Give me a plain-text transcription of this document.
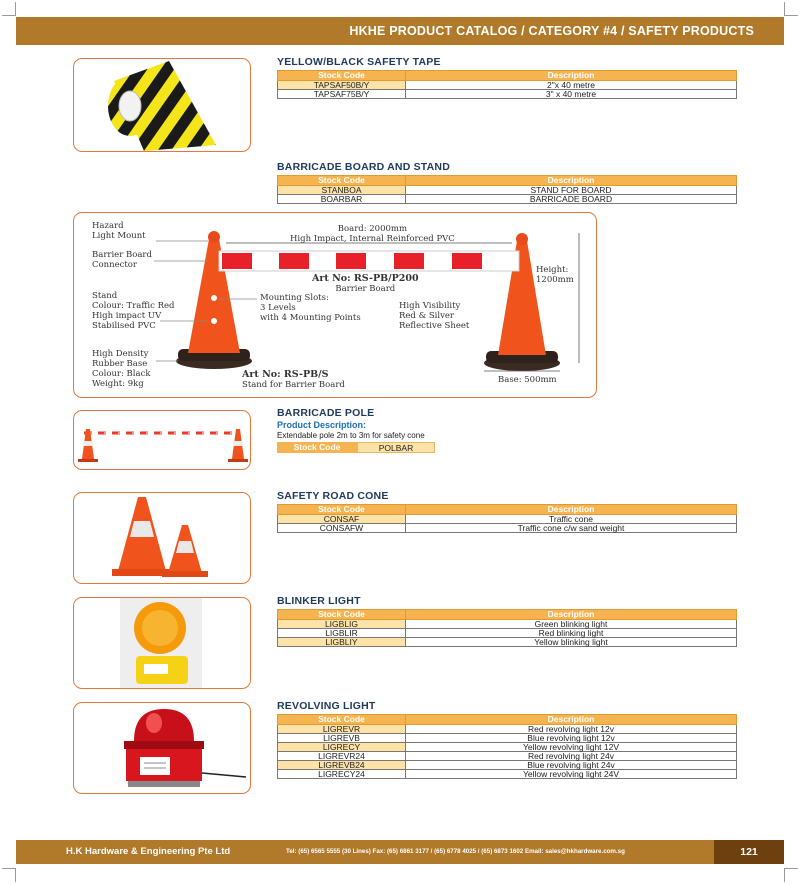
HKHE PRODUCT CATALOG / CATEGORY #4 / SAFETY PRODUCTS
YELLOW/BLACK SAFETY TAPE
Stock Code	Description
TAPSAF50B/Y	2"x 40 metre
TAPSAF75B/Y	3" x 40 metre
BARRICADE BOARD AND STAND
Stock Code	Description
STANBOA	STAND FOR BOARD
BOARBAR	BARRICADE BOARD
Hazard
Light Mount
Barrier Board
Connector
Stand
Colour: Traffic Red
High impact UV
Stabilised PVC
High Density
Rubber Base
Colour: Black
Weight: 9kg
Board: 2000mm
High Impact, Internal Reinforced PVC
Art No: RS-PB/P200
Barrier Board
Mounting Slots:
3 Levels
with 4 Mounting Points
High Visibility
Red & Silver
Reflective Sheet
Art No: RS-PB/S
Stand for Barrier Board
Height:
1200mm
Base: 500mm
BARRICADE POLE
Product Description:
Extendable pole 2m to 3m for safety cone
Stock Code	POLBAR
SAFETY ROAD CONE
Stock Code	Description
CONSAF	Traffic cone
CONSAFW	Traffic cone c/w sand weight
BLINKER LIGHT
Stock Code	Description
LIGBLIG	Green blinking light
LIGBLIR	Red blinking light
LIGBLIY	Yellow blinking light
REVOLVING LIGHT
Stock Code	Description
LIGREVR	Red revolving light 12v
LIGREVB	Blue revolving light 12v
LIGRECY	Yellow revolving light 12V
LIGREVR24	Red revolving light 24v
LIGREVB24	Blue revolving light 24v
LIGRECY24	Yellow revolving light 24V
H.K Hardware & Engineering Pte Ltd	Tel: (65) 6565 5555 (30 Lines) Fax: (65) 6861 3177 / (65) 6778 4025 / (65) 6873 1602 Email: sales@hkhardware.com.sg	121
